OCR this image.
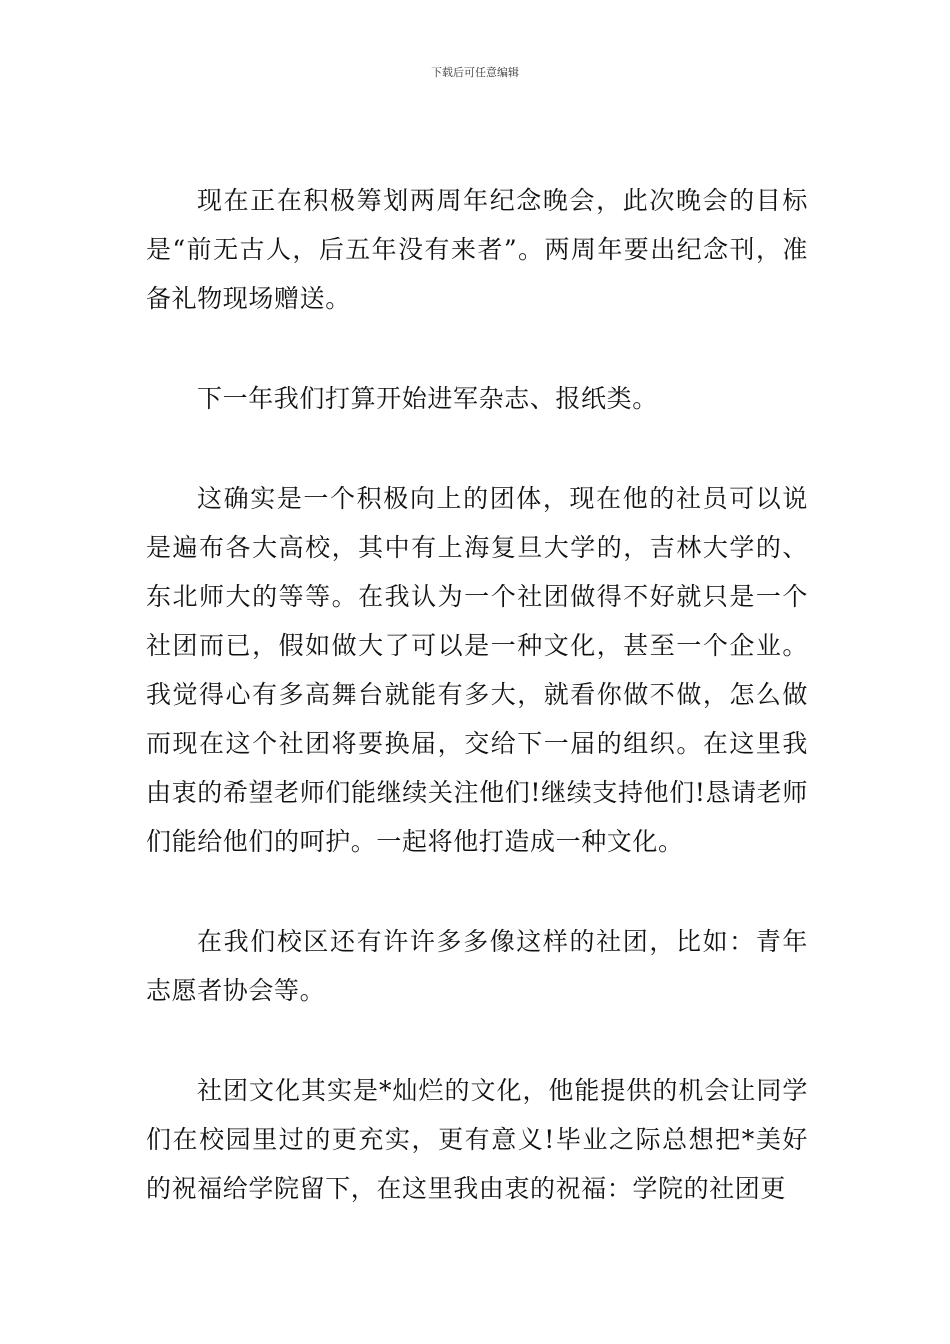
下载后可任意编辑

现在正在积极筹划两周年纪念晚会，此次晚会的目标是“前无古人，后五年没有来者”。两周年要出纪念刊，准备礼物现场赠送。

下一年我们打算开始进军杂志、报纸类。

这确实是一个积极向上的团体，现在他的社员可以说是遍布各大高校，其中有上海复旦大学的，吉林大学的、东北师大的等等。在我认为一个社团做得不好就只是一个社团而已，假如做大了可以是一种文化，甚至一个企业。我觉得心有多高舞台就能有多大，就看你做不做，怎么做而现在这个社团将要换届，交给下一届的组织。在这里我由衷的希望老师们能继续关注他们!继续支持他们!恳请老师们能给他们的呵护。一起将他打造成一种文化。

在我们校区还有许许多多像这样的社团，比如：青年志愿者协会等。

社团文化其实是*灿烂的文化，他能提供的机会让同学们在校园里过的更充实，更有意义!毕业之际总想把*美好的祝福给学院留下，在这里我由衷的祝福：学院的社团更
